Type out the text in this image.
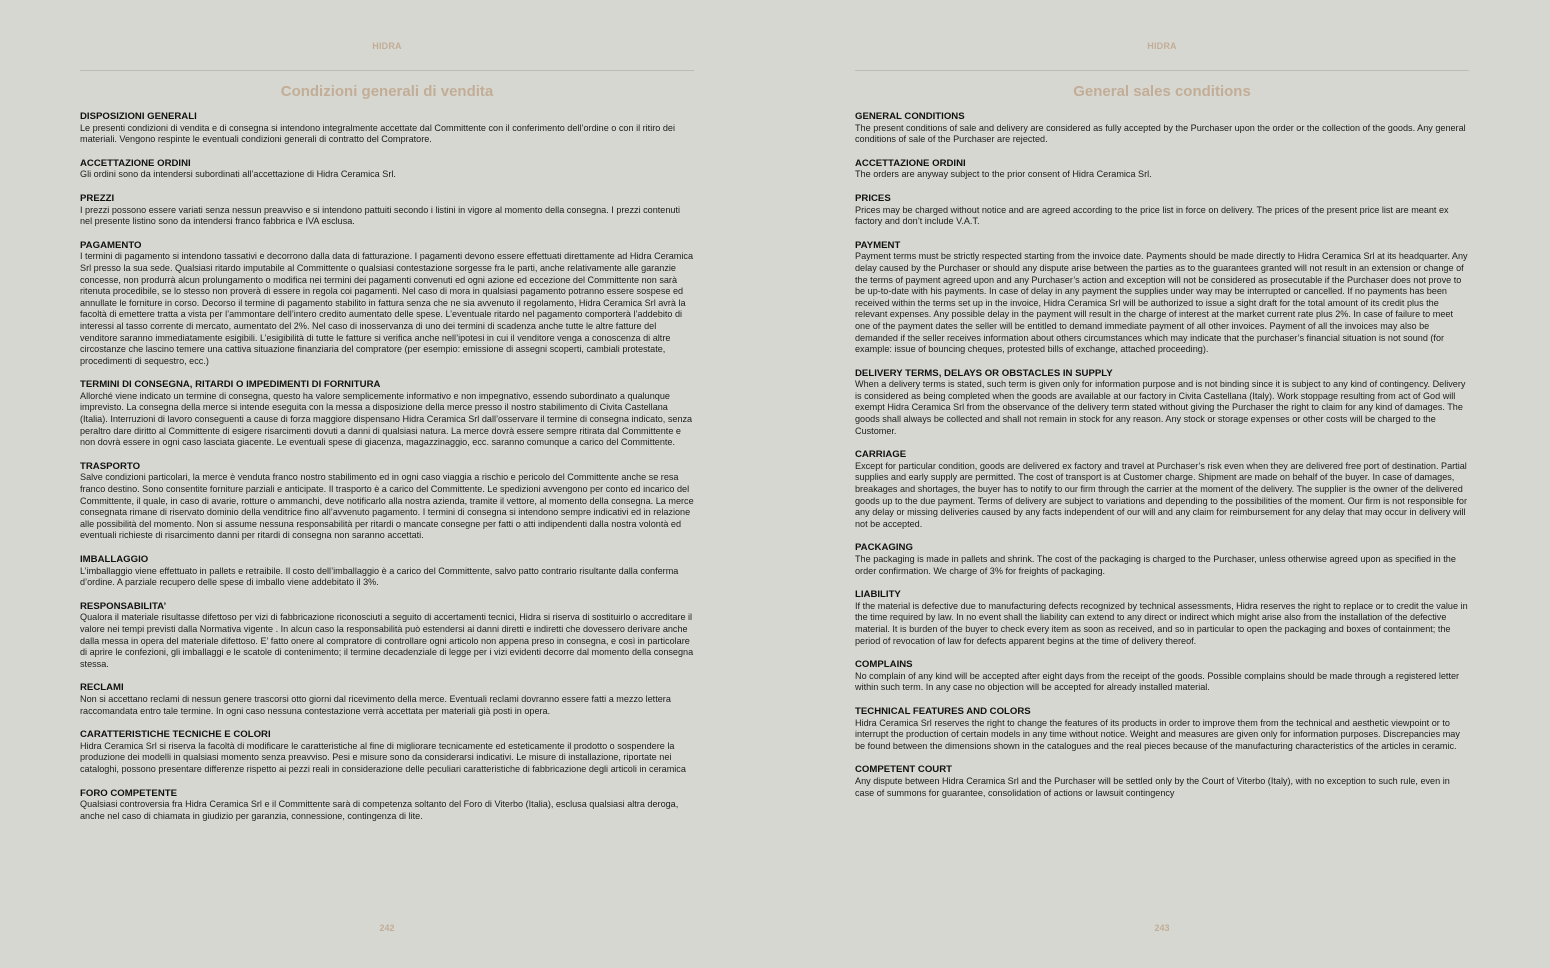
HIDRA
Condizioni generali di vendita
DISPOSIZIONI GENERALI

Le presenti condizioni di vendita e di consegna si intendono integralmente accettate dal Committente con il conferimento dell’ordine o con il ritiro dei materiali. Vengono respinte le eventuali condizioni generali di contratto del Compratore.

ACCETTAZIONE ORDINI

Gli ordini sono da intendersi subordinati all’accettazione di Hidra Ceramica Srl.

PREZZI

I prezzi possono essere variati senza nessun preavviso e si intendono pattuiti secondo i listini in vigore al momento della consegna. I prezzi contenuti nel presente listino sono da intendersi franco fabbrica e IVA esclusa.

PAGAMENTO

I termini di pagamento si intendono tassativi e decorrono dalla data di fatturazione. I pagamenti devono essere effettuati direttamente ad Hidra Ceramica Srl presso la sua sede. Qualsiasi ritardo imputabile al Committente o qualsiasi contestazione sorgesse fra le parti, anche relativamente alle garanzie concesse, non produrrà alcun prolungamento o modifica nei termini dei pagamenti convenuti ed ogni azione ed eccezione del Committente non sarà ritenuta procedibile, se lo stesso non proverà di essere in regola coi pagamenti. Nel caso di mora in qualsiasi pagamento potranno essere sospese ed annullate le forniture in corso. Decorso il termine di pagamento stabilito in fattura senza che ne sia avvenuto il regolamento, Hidra Ceramica Srl avrà la facoltà di emettere tratta a vista per l’ammontare dell’intero credito aumentato delle spese. L’eventuale ritardo nel pagamento comporterà l’addebito di interessi al tasso corrente di mercato, aumentato del 2%. Nel caso di inosservanza di uno dei termini di scadenza anche tutte le altre fatture del venditore saranno immediatamente esigibili. L’esigibilità di tutte le fatture si verifica anche nell’ipotesi in cui il venditore venga a conoscenza di altre circostanze che lascino temere una cattiva situazione finanziaria del compratore (per esempio: emissione di assegni scoperti, cambiali protestate, procedimenti di sequestro, ecc.)

TERMINI DI CONSEGNA, RITARDI O IMPEDIMENTI DI FORNITURA

Allorché viene indicato un termine di consegna, questo ha valore semplicemente informativo e non impegnativo, essendo subordinato a qualunque imprevisto. La consegna della merce si intende eseguita con la messa a disposizione della merce presso il nostro stabilimento di Civita Castellana (Italia). Interruzioni di lavoro conseguenti a cause di forza maggiore dispensano Hidra Ceramica Srl dall’osservare il termine di consegna indicato, senza peraltro dare diritto al Committente di esigere risarcimenti dovuti a danni di qualsiasi natura. La merce dovrà essere sempre ritirata dal Committente e non dovrà essere in ogni caso lasciata giacente. Le eventuali spese di giacenza, magazzinaggio, ecc. saranno comunque a carico del Committente.

TRASPORTO

Salve condizioni particolari, la merce è venduta franco nostro stabilimento ed in ogni caso viaggia a rischio e pericolo del Committente anche se resa franco destino. Sono consentite forniture parziali e anticipate. Il trasporto è a carico del Committente. Le spedizioni avvengono per conto ed incarico del Committente, il quale, in caso di avarie, rotture o ammanchi, deve notificarlo alla nostra azienda, tramite il vettore, al momento della consegna. La merce consegnata rimane di riservato dominio della venditrice fino all’avvenuto pagamento. I termini di consegna si intendono sempre indicativi ed in relazione alle possibilità del momento. Non si assume nessuna responsabilità per ritardi o mancate consegne per fatti o atti indipendenti dalla nostra volontà ed eventuali richieste di risarcimento danni per ritardi di consegna non saranno accettati.

IMBALLAGGIO

L’imballaggio viene effettuato in pallets e retraibile. Il costo dell’imballaggio è a carico del Committente, salvo patto contrario risultante dalla conferma d’ordine. A parziale recupero delle spese di imballo viene addebitato il 3%.

RESPONSABILITA’

Qualora il materiale risultasse difettoso per vizi di fabbricazione riconosciuti a seguito di accertamenti tecnici, Hidra si riserva di sostituirlo o accreditare il valore nei tempi previsti dalla Normativa vigente . In alcun caso la responsabilità può estendersi ai danni diretti e indiretti che dovessero derivare anche dalla messa in opera del materiale difettoso. E’ fatto onere al compratore di controllare ogni articolo non appena preso in consegna, e così in particolare di aprire le confezioni, gli imballaggi e le scatole di contenimento; il termine decadenziale di legge per i vizi evidenti decorre dal momento della consegna stessa.

RECLAMI

Non si accettano reclami di nessun genere trascorsi otto giorni dal ricevimento della merce. Eventuali reclami dovranno essere fatti a mezzo lettera raccomandata entro tale termine. In ogni caso nessuna contestazione verrà accettata per materiali già posti in opera.

CARATTERISTICHE TECNICHE E COLORI

Hidra Ceramica Srl si riserva la facoltà di modificare le caratteristiche al fine di migliorare tecnicamente ed esteticamente il prodotto o sospendere la produzione dei modelli in qualsiasi momento senza preavviso. Pesi e misure sono da considerarsi indicativi. Le misure di installazione, riportate nei cataloghi, possono presentare differenze rispetto ai pezzi reali in considerazione delle peculiari caratteristiche di fabbricazione degli articoli in ceramica

FORO COMPETENTE

Qualsiasi controversia fra Hidra Ceramica Srl e il Committente sarà di competenza soltanto del Foro di Viterbo (Italia), esclusa qualsiasi altra deroga, anche nel caso di chiamata in giudizio per garanzia, connessione, contingenza di lite.

242
HIDRA
General sales conditions
GENERAL CONDITIONS

The present conditions of sale and delivery are considered as fully accepted by the Purchaser upon the order or the collection of the goods. Any general conditions of sale of the Purchaser are rejected.

ACCETTAZIONE ORDINI

The orders are anyway subject to the prior consent of Hidra Ceramica Srl.

PRICES

Prices may be charged without notice and are agreed according to the price list in force on delivery. The prices of the present price list are meant ex factory and don’t include V.A.T.

PAYMENT

Payment terms must be strictly respected starting from the invoice date. Payments should be made directly to Hidra Ceramica Srl at its headquarter. Any delay caused by the Purchaser or should any dispute arise between the parties as to the guarantees granted will not result in an extension or change of the terms of payment agreed upon and any Purchaser’s action and exception will not be considered as prosecutable if the Purchaser does not prove to be up-to-date with his payments. In case of delay in any payment the supplies under way may be interrupted or cancelled. If no payments has been received within the terms set up in the invoice, Hidra Ceramica Srl will be authorized to issue a sight draft for the total amount of its credit plus the relevant expenses. Any possible delay in the payment will result in the charge of interest at the market current rate plus 2%. In case of failure to meet one of the payment dates the seller will be entitled to demand immediate payment of all other invoices. Payment of all the invoices may also be demanded if the seller receives information about others circumstances which may indicate that the purchaser’s financial situation is not sound (for example: issue of bouncing cheques, protested bills of exchange, attached proceeding).

DELIVERY TERMS, DELAYS OR OBSTACLES IN SUPPLY

When a delivery terms is stated, such term is given only for information purpose and is not binding since it is subject to any kind of contingency. Delivery is considered as being completed when the goods are available at our factory in Civita Castellana (Italy). Work stoppage resulting from act of God will exempt Hidra Ceramica Srl from the observance of the delivery term stated without giving the Purchaser the right to claim for any kind of damages. The goods shall always be collected and shall not remain in stock for any reason. Any stock or storage expenses or other costs will be charged to the Customer.

CARRIAGE

Except for particular condition, goods are delivered ex factory and travel at Purchaser’s risk even when they are delivered free port of destination. Partial supplies and early supply are permitted. The cost of transport is at Customer charge. Shipment are made on behalf of the buyer. In case of damages, breakages and shortages, the buyer has to notify to our firm through the carrier at the moment of the delivery. The supplier is the owner of the delivered goods up to the due payment. Terms of delivery are subject to variations and depending to the possibilities of the moment. Our firm is not responsible for any delay or missing deliveries caused by any facts independent of our will and any claim for reimbursement for any delay that may occur in delivery will not be accepted.

PACKAGING

The packaging is made in pallets and shrink. The cost of the packaging is charged to the Purchaser, unless otherwise agreed upon as specified in the order confirmation. We charge of 3% for freights of packaging.

LIABILITY

If the material is defective due to manufacturing defects recognized by technical assessments, Hidra reserves the right to replace or to credit the value in the time required by law. In no event shall the liability can extend to any direct or indirect which might arise also from the installation of the defective material. It is burden of the buyer to check every item as soon as received, and so in particular to open the packaging and boxes of containment; the period of revocation of law for defects apparent begins at the time of delivery thereof.

COMPLAINS

No complain of any kind will be accepted after eight days from the receipt of the goods. Possible complains should be made through a registered letter within such term. In any case no objection will be accepted for already installed material.

TECHNICAL FEATURES AND COLORS

Hidra Ceramica Srl reserves the right to change the features of its products in order to improve them from the technical and aesthetic viewpoint or to interrupt the production of certain models in any time without notice. Weight and measures are given only for information purposes. Discrepancies may be found between the dimensions shown in the catalogues and the real pieces because of the manufacturing characteristics of the articles in ceramic.

COMPETENT COURT

Any dispute between Hidra Ceramica Srl and the Purchaser will be settled only by the Court of Viterbo (Italy), with no exception to such rule, even in case of summons for guarantee, consolidation of actions or lawsuit contingency

243
